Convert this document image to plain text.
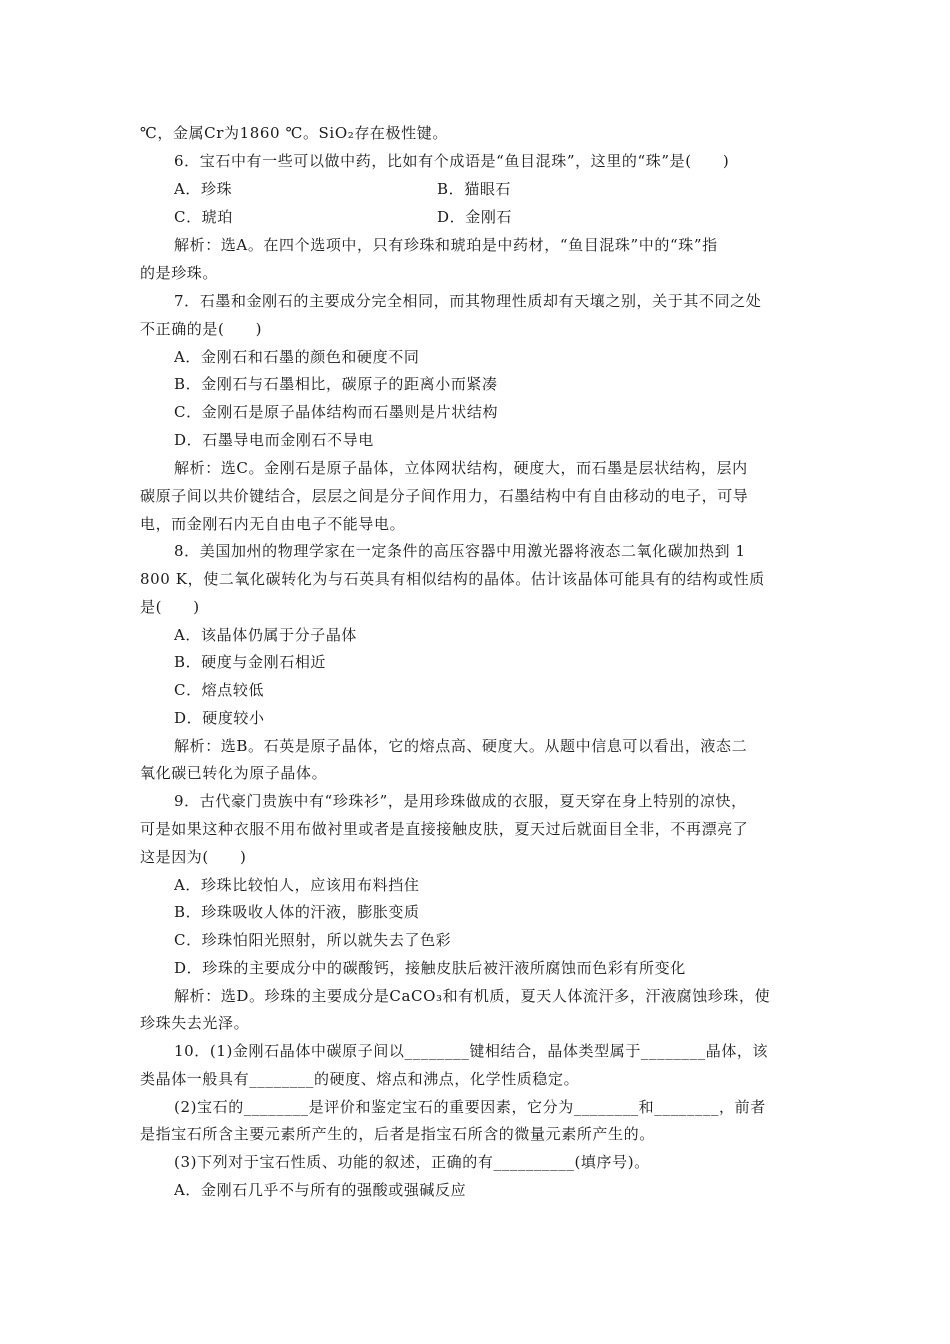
℃，金属Cr为1860 ℃。SiO₂存在极性键。
6．宝石中有一些可以做中药，比如有个成语是“鱼目混珠”，这里的“珠”是(　　)
A．珍珠	B．猫眼石
C．琥珀	D．金刚石
解析：选A。在四个选项中，只有珍珠和琥珀是中药材，“鱼目混珠”中的“珠”指
的是珍珠。
7．石墨和金刚石的主要成分完全相同，而其物理性质却有天壤之别，关于其不同之处
不正确的是(　　)
A．金刚石和石墨的颜色和硬度不同
B．金刚石与石墨相比，碳原子的距离小而紧凑
C．金刚石是原子晶体结构而石墨则是片状结构
D．石墨导电而金刚石不导电
解析：选C。金刚石是原子晶体，立体网状结构，硬度大，而石墨是层状结构，层内
碳原子间以共价键结合，层层之间是分子间作用力，石墨结构中有自由移动的电子，可导
电，而金刚石内无自由电子不能导电。
8．美国加州的物理学家在一定条件的高压容器中用激光器将液态二氧化碳加热到 1
800 K，使二氧化碳转化为与石英具有相似结构的晶体。估计该晶体可能具有的结构或性质
是(　　)
A．该晶体仍属于分子晶体
B．硬度与金刚石相近
C．熔点较低
D．硬度较小
解析：选B。石英是原子晶体，它的熔点高、硬度大。从题中信息可以看出，液态二
氧化碳已转化为原子晶体。
9．古代豪门贵族中有“珍珠衫”，是用珍珠做成的衣服，夏天穿在身上特别的凉快，
可是如果这种衣服不用布做衬里或者是直接接触皮肤，夏天过后就面目全非，不再漂亮了
这是因为(　　)
A．珍珠比较怕人，应该用布料挡住
B．珍珠吸收人体的汗液，膨胀变质
C．珍珠怕阳光照射，所以就失去了色彩
D．珍珠的主要成分中的碳酸钙，接触皮肤后被汗液所腐蚀而色彩有所变化
解析：选D。珍珠的主要成分是CaCO₃和有机质，夏天人体流汗多，汗液腐蚀珍珠，使
珍珠失去光泽。
10．(1)金刚石晶体中碳原子间以________键相结合，晶体类型属于________晶体，该
类晶体一般具有________的硬度、熔点和沸点，化学性质稳定。
(2)宝石的________是评价和鉴定宝石的重要因素，它分为________和________，前者
是指宝石所含主要元素所产生的，后者是指宝石所含的微量元素所产生的。
(3)下列对于宝石性质、功能的叙述，正确的有__________(填序号)。
A．金刚石几乎不与所有的强酸或强碱反应
